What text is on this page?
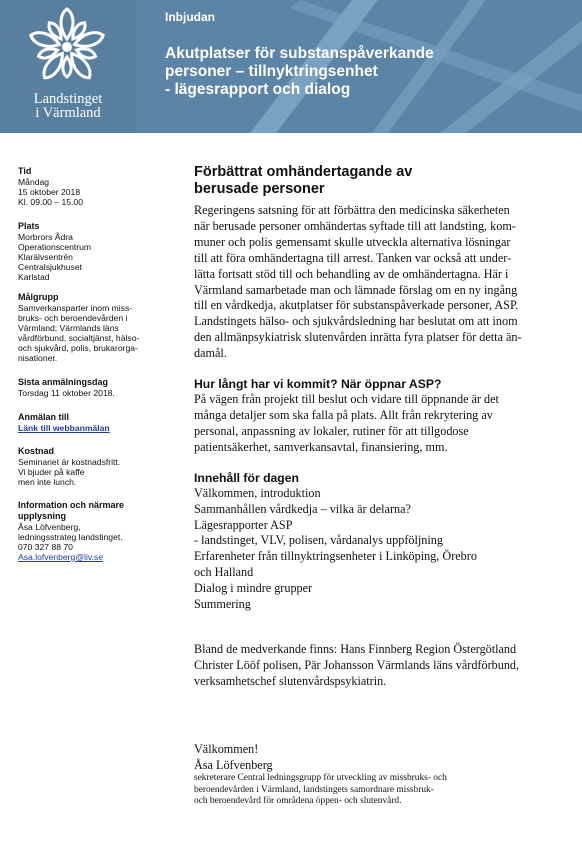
Landstinget
i Värmland
Inbjudan
Akutplatser för substanspåverkande
personer – tillnyktringsenhet
- lägesrapport och dialog
Tid
Måndag
15 oktober 2018
Kl. 09.00 – 15.00
Plats
Morbrors Ådra
Operationscentrum
Klarälvsentrén
Centralsjukhuset
Karlstad
Målgrupp
Samverkansparter inom miss-
bruks- och beroendevården i
Värmland; Värmlands läns
vårdförbund, socialtjänst, hälso-
och sjukvård, polis, brukarorga-
nisationer.
Sista anmälningsdag
Torsdag 11 oktober 2018.
Anmälan till
Länk till webbanmälan
Kostnad
Seminariet är kostnadsfritt.
Vi bjuder på kaffe
men inte lunch.
Information och närmare
upplysning
Åsa Löfvenberg,
ledningsstrateg landstinget.
070 327 88 70
Asa.lofvenberg@liv.se
Förbättrat omhändertagande av
berusade personer
Regeringens satsning för att förbättra den medicinska säkerheten
när berusade personer omhändertas syftade till att landsting, kom-
muner och polis gemensamt skulle utveckla alternativa lösningar
till att föra omhändertagna till arrest. Tanken var också att under-
lätta fortsatt stöd till och behandling av de omhändertagna. Här i
Värmland samarbetade man och lämnade förslag om en ny ingång
till en vårdkedja, akutplatser för substanspåverkade personer, ASP.
Landstingets hälso- och sjukvårdsledning har beslutat om att inom
den allmänpsykiatrisk slutenvården inrätta fyra platser för detta än-
damål.
Hur långt har vi kommit? När öppnar ASP?
På vägen från projekt till beslut och vidare till öppnande är det
många detaljer som ska falla på plats. Allt från rekrytering av
personal, anpassning av lokaler, rutiner för att tillgodose
patientsäkerhet, samverkansavtal, finansiering, mm.
Innehåll för dagen
Välkommen, introduktion
Sammanhållen vårdkedja – vilka är delarna?
Lägesrapporter ASP
- landstinget, VLV, polisen, vårdanalys uppföljning
Erfarenheter från tillnyktringsenheter i Linköping, Örebro
och Halland
Dialog i mindre grupper
Summering
Bland de medverkande finns: Hans Finnberg Region Östergötland
Christer Lööf polisen, Pär Johansson Värmlands läns vårdförbund,
verksamhetschef slutenvårdspsykiatrin.
Välkommen!
Åsa Löfvenberg
sekreterare Central ledningsgrupp för utveckling av missbruks- och
beroendevården i Värmland, landstingets samordnare missbruk-
och beroendevård för områdena öppen- och slutenvård.
